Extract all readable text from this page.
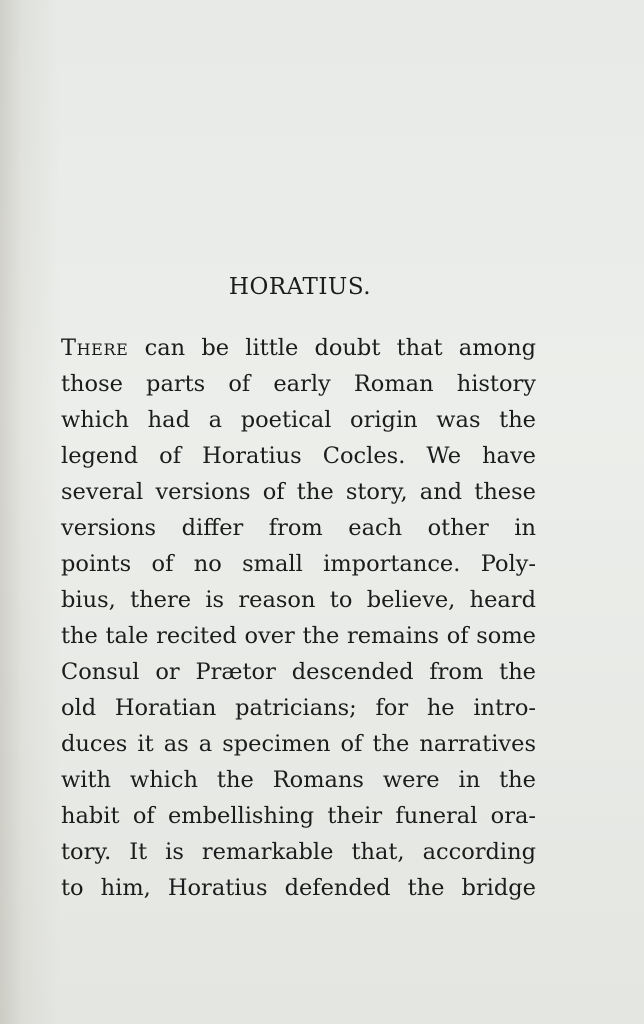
HORATIUS.
There can be little doubt that among
those parts of early Roman history
which had a poetical origin was the
legend of Horatius Cocles. We have
several versions of the story, and these
versions differ from each other in
points of no small importance. Poly-
bius, there is reason to believe, heard
the tale recited over the remains of some
Consul or Prætor descended from the
old Horatian patricians; for he intro-
duces it as a specimen of the narratives
with which the Romans were in the
habit of embellishing their funeral ora-
tory. It is remarkable that, according
to him, Horatius defended the bridge
